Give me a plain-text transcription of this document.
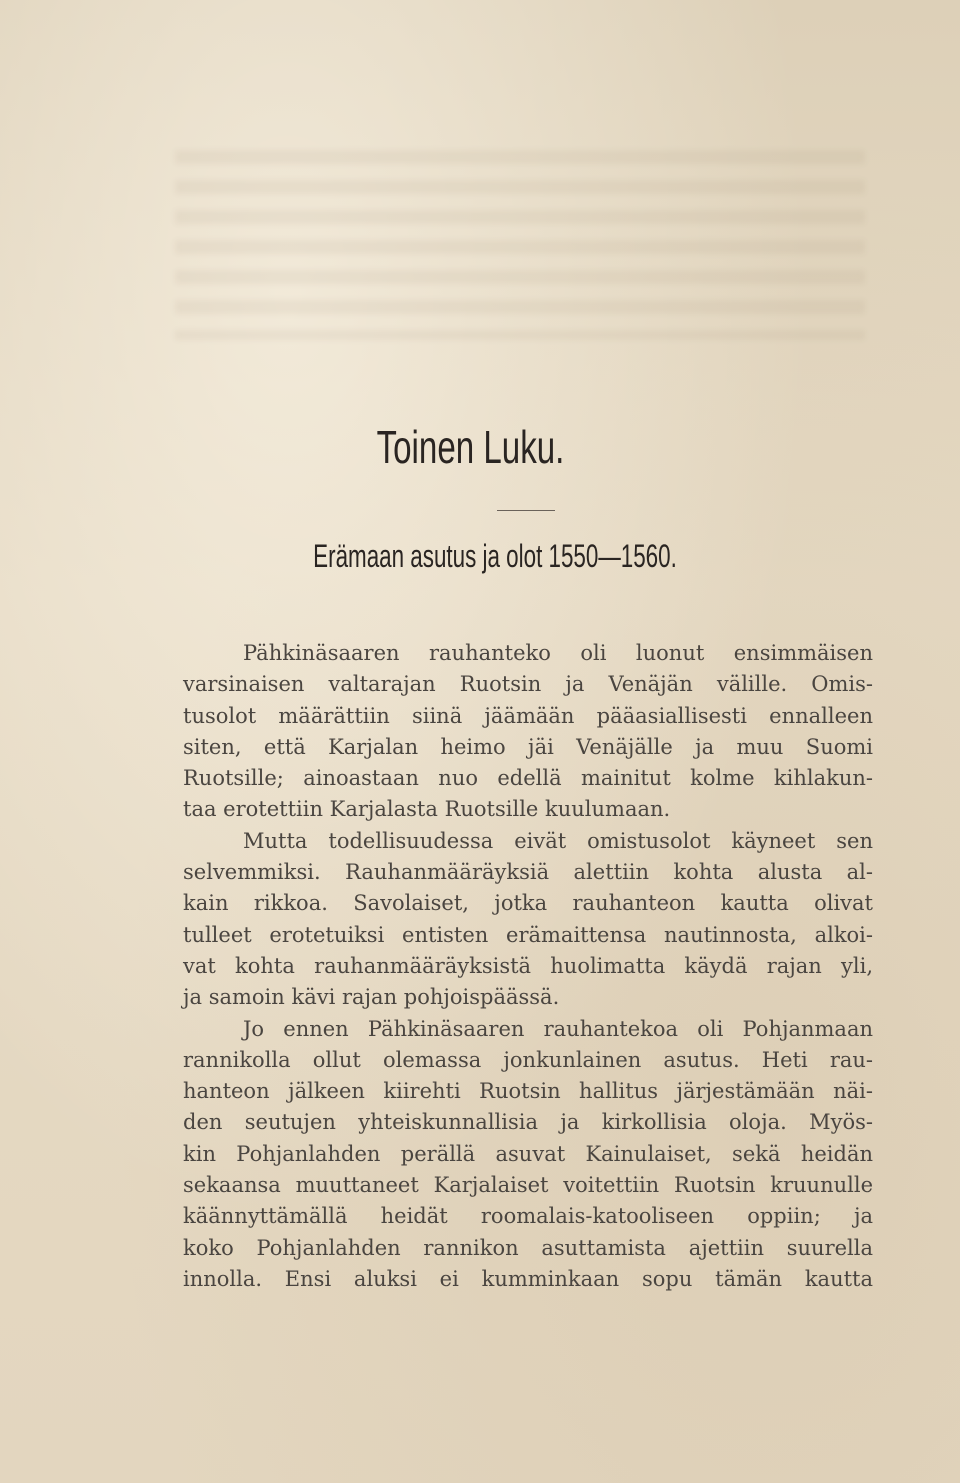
Toinen Luku.
Erämaan asutus ja olot 1550—1560.
Pähkinäsaaren rauhanteko oli luonut ensimmäisen
varsinaisen valtarajan Ruotsin ja Venäjän välille. Omis-
tusolot määrättiin siinä jäämään pääasiallisesti ennalleen
siten, että Karjalan heimo jäi Venäjälle ja muu Suomi
Ruotsille; ainoastaan nuo edellä mainitut kolme kihlakun-
taa erotettiin Karjalasta Ruotsille kuulumaan.
Mutta todellisuudessa eivät omistusolot käyneet sen
selvemmiksi. Rauhanmääräyksiä alettiin kohta alusta al-
kain rikkoa. Savolaiset, jotka rauhanteon kautta olivat
tulleet erotetuiksi entisten erämaittensa nautinnosta, alkoi-
vat kohta rauhanmääräyksistä huolimatta käydä rajan yli,
ja samoin kävi rajan pohjoispäässä.
Jo ennen Pähkinäsaaren rauhantekoa oli Pohjanmaan
rannikolla ollut olemassa jonkunlainen asutus. Heti rau-
hanteon jälkeen kiirehti Ruotsin hallitus järjestämään näi-
den seutujen yhteiskunnallisia ja kirkollisia oloja. Myös-
kin Pohjanlahden perällä asuvat Kainulaiset, sekä heidän
sekaansa muuttaneet Karjalaiset voitettiin Ruotsin kruunulle
käännyttämällä heidät roomalais-katooliseen oppiin; ja
koko Pohjanlahden rannikon asuttamista ajettiin suurella
innolla. Ensi aluksi ei kumminkaan sopu tämän kautta
